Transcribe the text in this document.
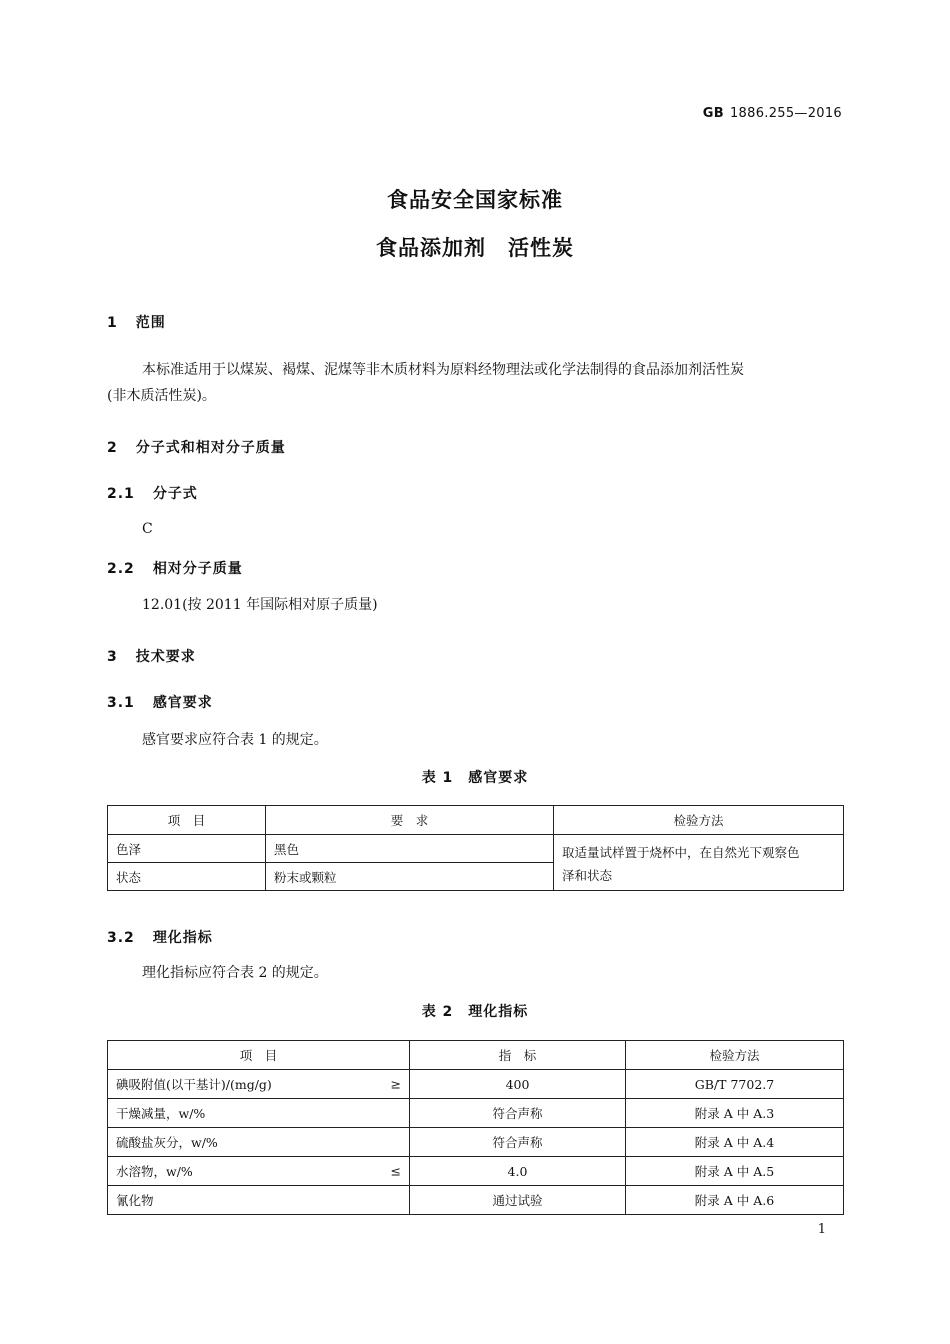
GB 1886.255—2016
食品安全国家标准
食品添加剂　活性炭
1 范围
本标准适用于以煤炭、褐煤、泥煤等非木质材料为原料经物理法或化学法制得的食品添加剂活性炭
(非木质活性炭)。
2 分子式和相对分子质量
2.1 分子式
C
2.2 相对分子质量
12.01(按 2011 年国际相对原子质量)
3 技术要求
3.1 感官要求
感官要求应符合表 1 的规定。
表 1　感官要求
项　目	要　求	检验方法
色泽	黑色	取适量试样置于烧杯中，在自然光下观察色
泽和状态

状态	粉末或颗粒	
3.2 理化指标
理化指标应符合表 2 的规定。
表 2　理化指标
项　目	指　标	检验方法
碘吸附值(以干基计)/(mg/g) ≥	400	GB/T 7702.7
干燥减量，w/%	符合声称	附录 A 中 A.3
硫酸盐灰分，w/%	符合声称	附录 A 中 A.4
水溶物，w/% ≤	4.0	附录 A 中 A.5
氰化物	通过试验	附录 A 中 A.6
1
